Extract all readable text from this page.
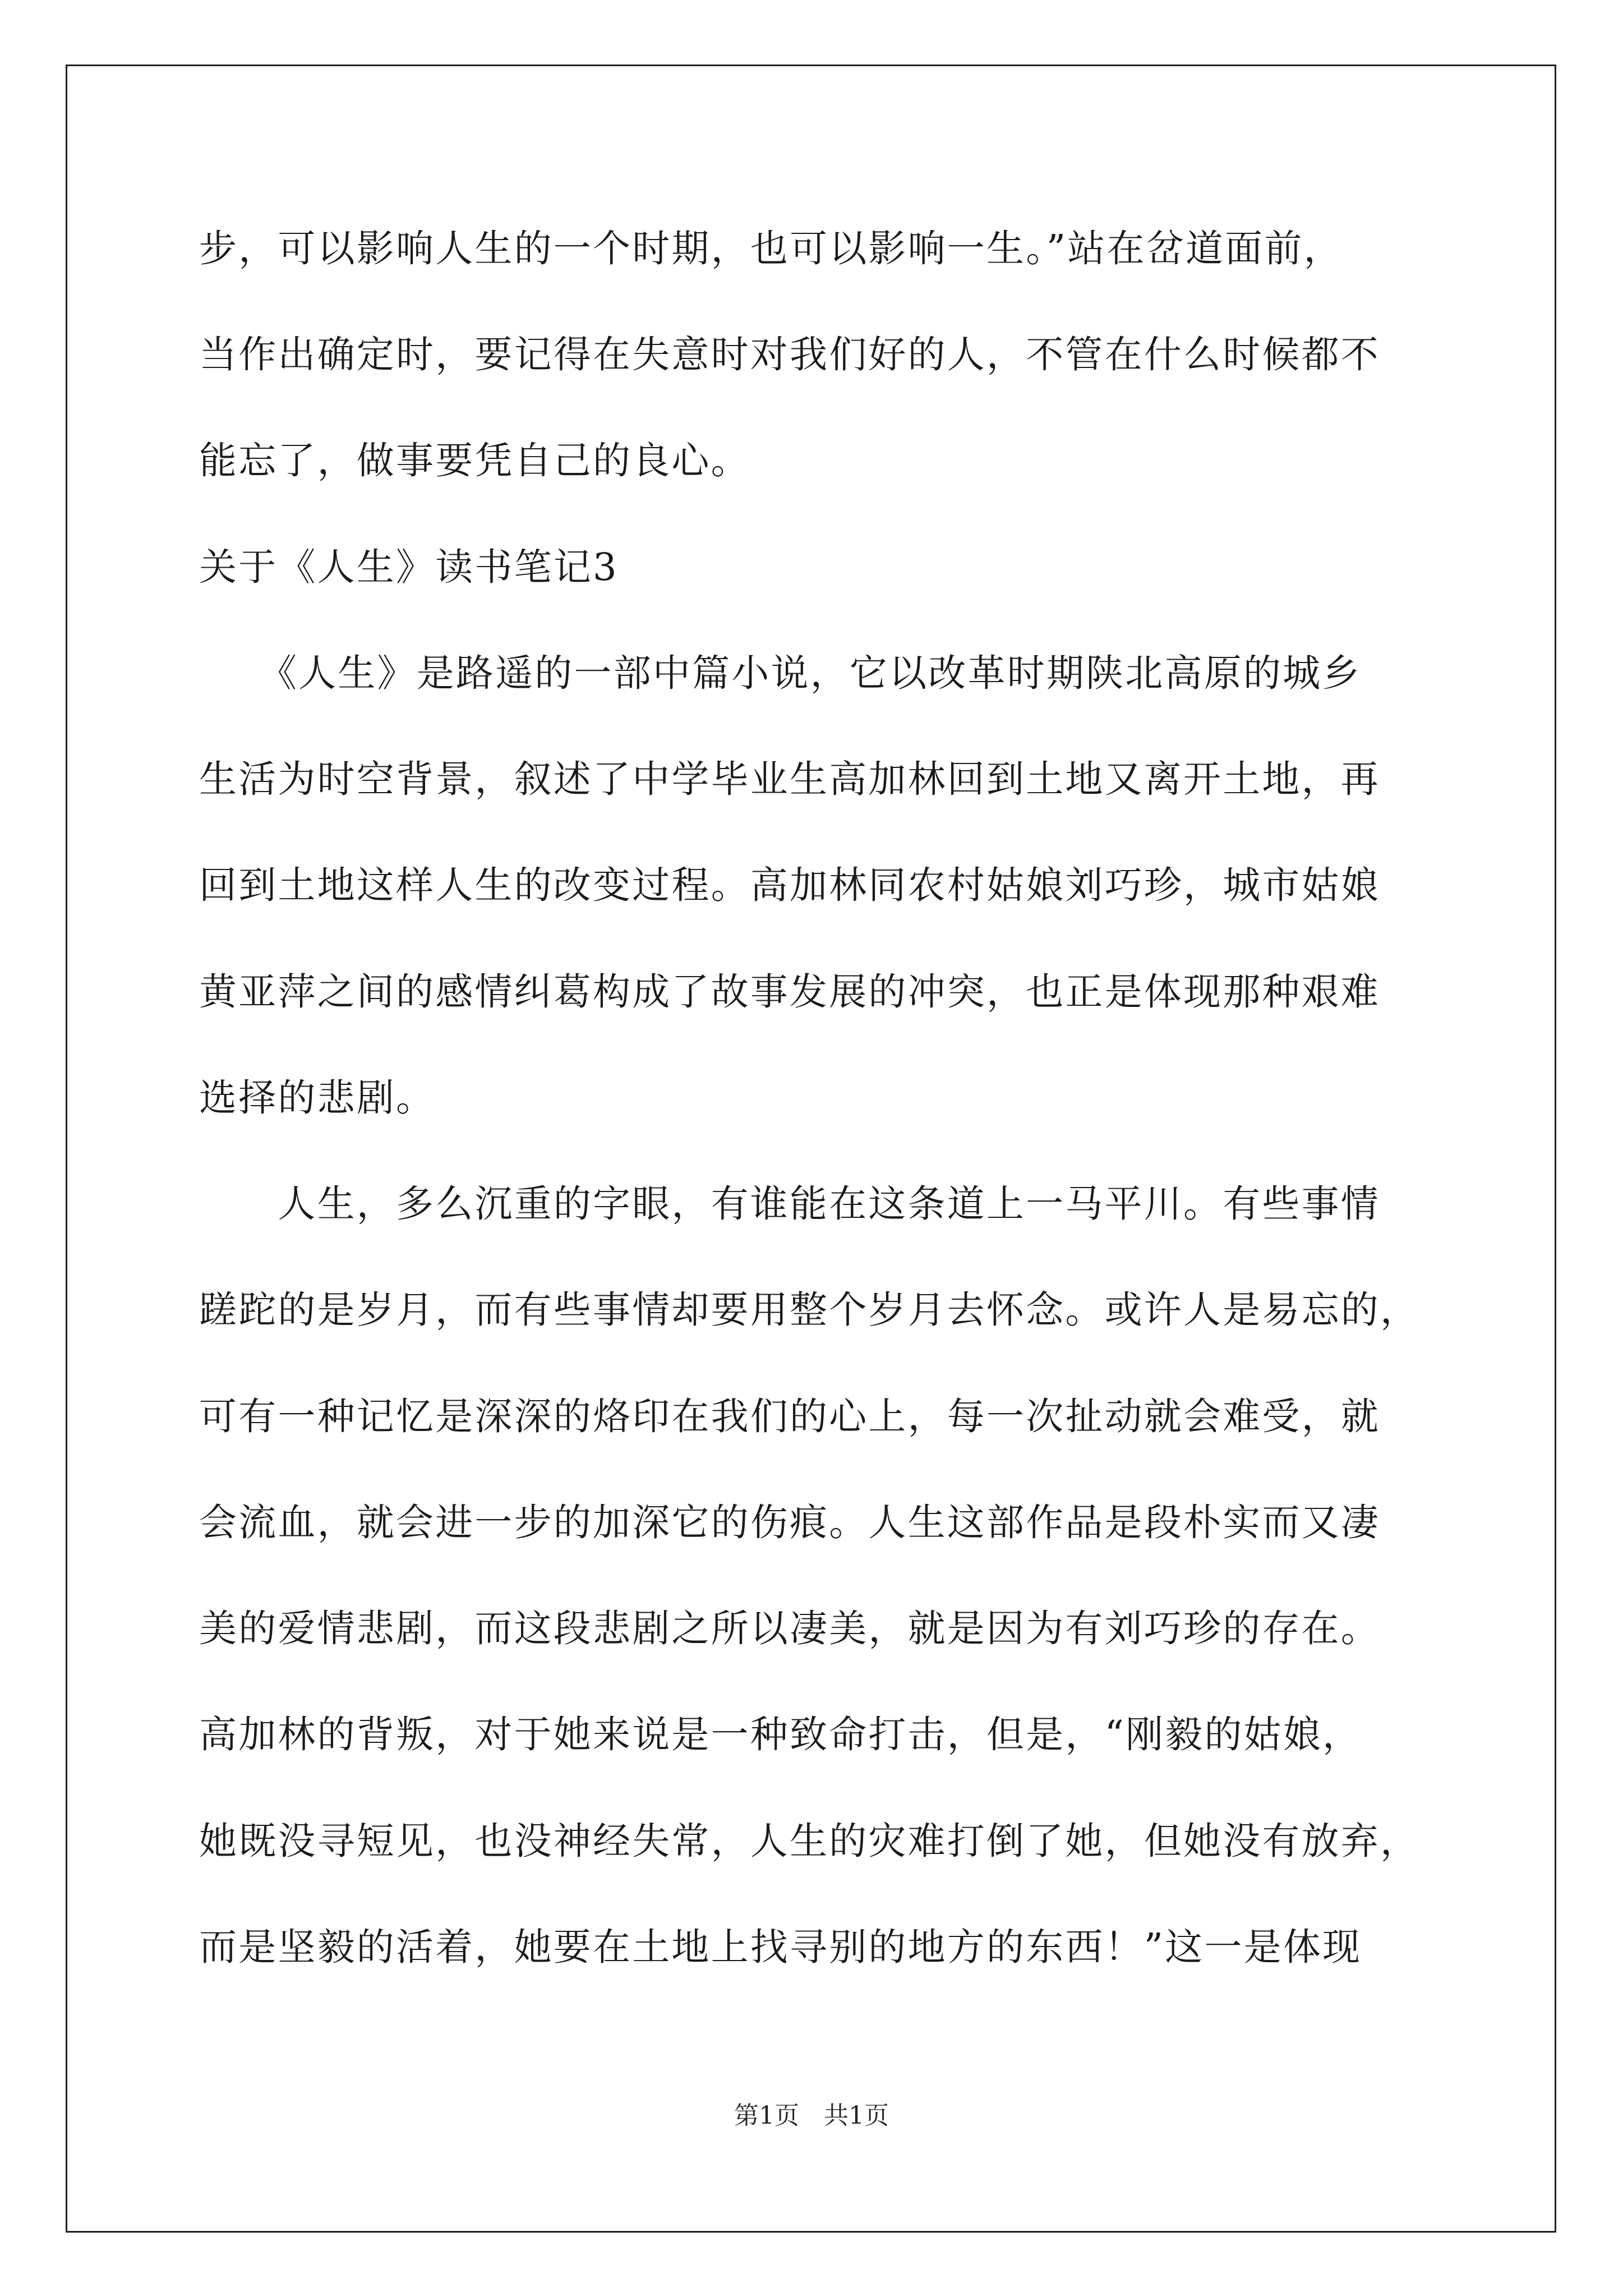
步，可以影响人生的一个时期，也可以影响一生。”站在岔道面前，
当作出确定时，要记得在失意时对我们好的人，不管在什么时候都不
能忘了，做事要凭自己的良心。
关于《人生》读书笔记3
　　《人生》是路遥的一部中篇小说，它以改革时期陕北高原的城乡
生活为时空背景，叙述了中学毕业生高加林回到土地又离开土地，再
回到土地这样人生的改变过程。高加林同农村姑娘刘巧珍，城市姑娘
黄亚萍之间的感情纠葛构成了故事发展的冲突，也正是体现那种艰难
选择的悲剧。
　　人生，多么沉重的字眼，有谁能在这条道上一马平川。有些事情
蹉跎的是岁月，而有些事情却要用整个岁月去怀念。或许人是易忘的，
可有一种记忆是深深的烙印在我们的心上，每一次扯动就会难受，就
会流血，就会进一步的加深它的伤痕。人生这部作品是段朴实而又凄
美的爱情悲剧，而这段悲剧之所以凄美，就是因为有刘巧珍的存在。
高加林的背叛，对于她来说是一种致命打击，但是，“刚毅的姑娘，
她既没寻短见，也没神经失常，人生的灾难打倒了她，但她没有放弃，
而是坚毅的活着，她要在土地上找寻别的地方的东西！”这一是体现
第1页　共1页
